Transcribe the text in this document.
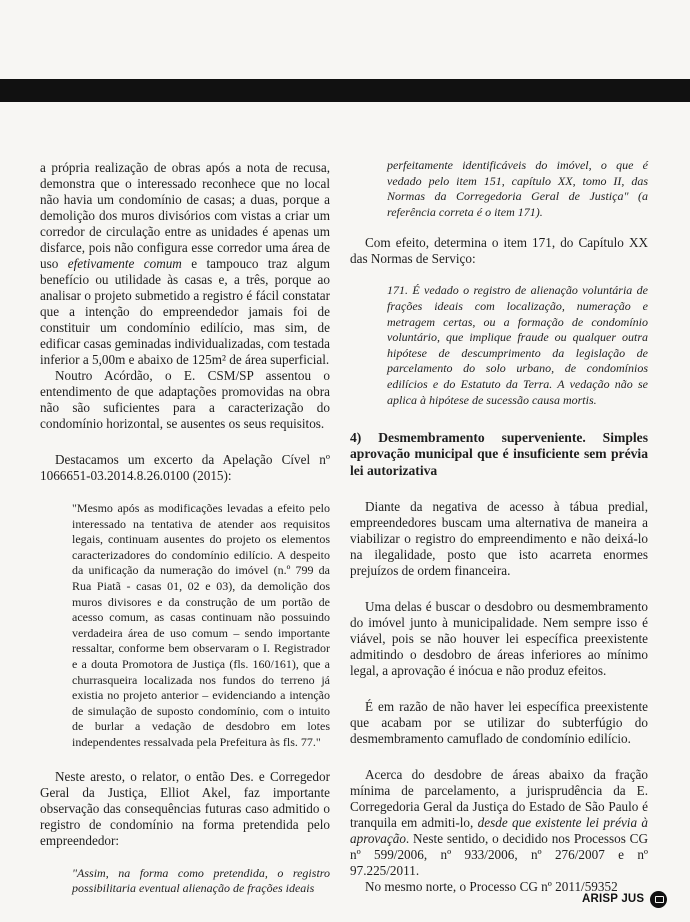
a própria realização de obras após a nota de recusa, demonstra que o interessado reconhece que no local não havia um condomínio de casas; a duas, porque a demolição dos muros divisórios com vistas a criar um corredor de circulação entre as unidades é apenas um disfarce, pois não configura esse corredor uma área de uso efetivamente comum e tampouco traz algum benefício ou utilidade às casas e, a três, porque ao analisar o projeto submetido a registro é fácil constatar que a intenção do empreendedor jamais foi de constituir um condomínio edilício, mas sim, de edificar casas geminadas individualizadas, com testada inferior a 5,00m e abaixo de 125m² de área superficial.

Noutro Acórdão, o E. CSM/SP assentou o entendimento de que adaptações promovidas na obra não são suficientes para a caracterização do condomínio horizontal, se ausentes os seus requisitos.

Destacamos um excerto da Apelação Cível nº 1066651-03.2014.8.26.0100 (2015):

"Mesmo após as modificações levadas a efeito pelo interessado na tentativa de atender aos requisitos legais, continuam ausentes do projeto os elementos caracterizadores do condomínio edilício. A despeito da unificação da numeração do imóvel (n.º 799 da Rua Piatã - casas 01, 02 e 03), da demolição dos muros divisores e da construção de um portão de acesso comum, as casas continuam não possuindo verdadeira área de uso comum – sendo importante ressaltar, conforme bem observaram o I. Registrador e a douta Promotora de Justiça (fls. 160/161), que a churrasqueira localizada nos fundos do terreno já existia no projeto anterior – evidenciando a intenção de simulação de suposto condomínio, com o intuito de burlar a vedação de desdobro em lotes independentes ressalvada pela Prefeitura às fls. 77."

Neste aresto, o relator, o então Des. e Corregedor Geral da Justiça, Elliot Akel, faz importante observação das consequências futuras caso admitido o registro de condomínio na forma pretendida pelo empreendedor:

"Assim, na forma como pretendida, o registro possibilitaria eventual alienação de frações ideais

perfeitamente identificáveis do imóvel, o que é vedado pelo item 151, capítulo XX, tomo II, das Normas da Corregedoria Geral de Justiça" (a referência correta é o item 171).

Com efeito, determina o item 171, do Capítulo XX das Normas de Serviço:

171. É vedado o registro de alienação voluntária de frações ideais com localização, numeração e metragem certas, ou a formação de condomínio voluntário, que implique fraude ou qualquer outra hipótese de descumprimento da legislação de parcelamento do solo urbano, de condomínios edilícios e do Estatuto da Terra. A vedação não se aplica à hipótese de sucessão causa mortis.

4) Desmembramento superveniente. Simples aprovação municipal que é insuficiente sem prévia lei autorizativa

Diante da negativa de acesso à tábua predial, empreendedores buscam uma alternativa de maneira a viabilizar o registro do empreendimento e não deixá-lo na ilegalidade, posto que isto acarreta enormes prejuízos de ordem financeira.

Uma delas é buscar o desdobro ou desmembramento do imóvel junto à municipalidade. Nem sempre isso é viável, pois se não houver lei específica preexistente admitindo o desdobro de áreas inferiores ao mínimo legal, a aprovação é inócua e não produz efeitos.

É em razão de não haver lei específica preexistente que acabam por se utilizar do subterfúgio do desmembramento camuflado de condomínio edilício.

Acerca do desdobre de áreas abaixo da fração mínima de parcelamento, a jurisprudência da E. Corregedoria Geral da Justiça do Estado de São Paulo é tranquila em admiti-lo, desde que existente lei prévia à aprovação. Neste sentido, o decidido nos Processos CG nº 599/2006, nº 933/2006, nº 276/2007 e nº 97.225/2011.

No mesmo norte, o Processo CG nº 2011/59352

ARISP JUS
